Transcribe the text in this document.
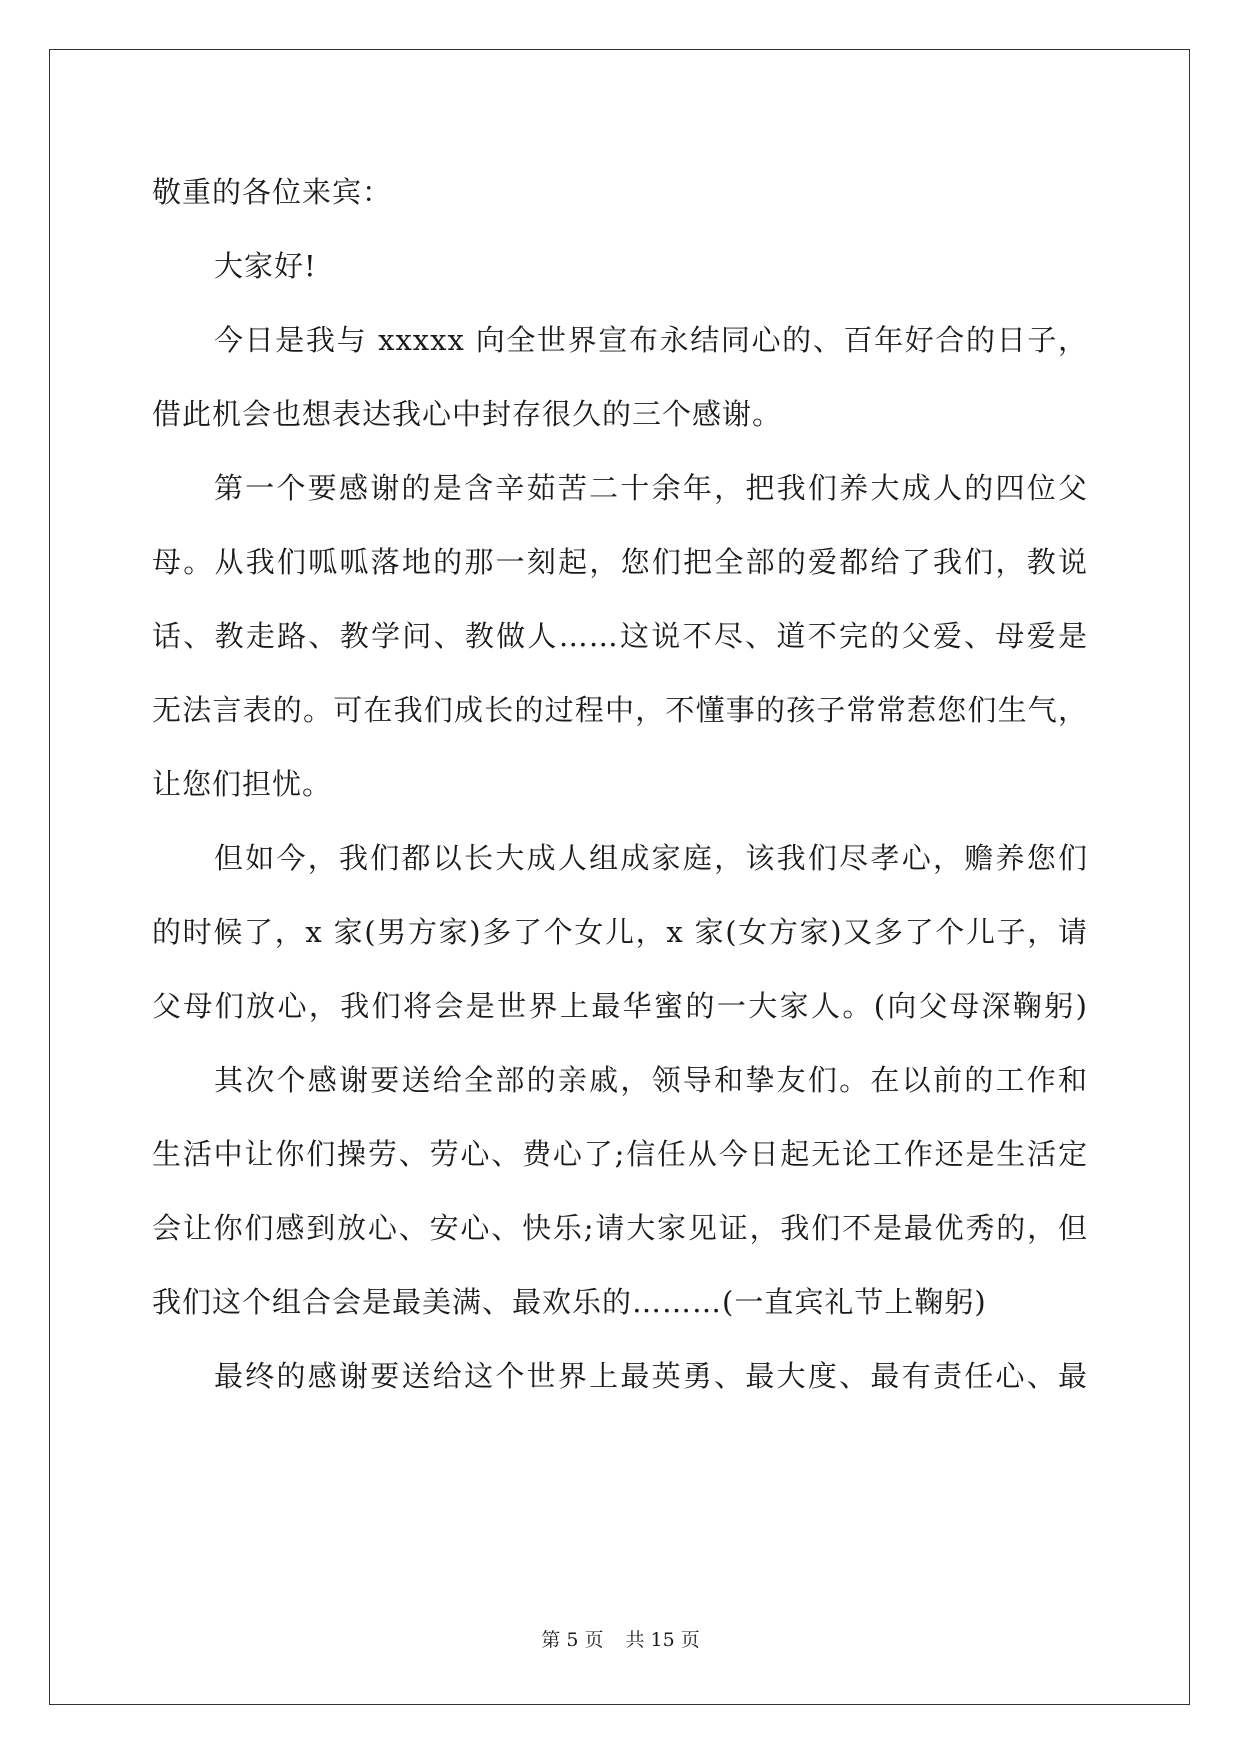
敬重的各位来宾：
大家好!
今日是我与 xxxxx 向全世界宣布永结同心的、百年好合的日子，
借此机会也想表达我心中封存很久的三个感谢。
第一个要感谢的是含辛茹苦二十余年，把我们养大成人的四位父
母。从我们呱呱落地的那一刻起，您们把全部的爱都给了我们，教说
话、教走路、教学问、教做人……这说不尽、道不完的父爱、母爱是
无法言表的。可在我们成长的过程中，不懂事的孩子常常惹您们生气，
让您们担忧。
但如今，我们都以长大成人组成家庭，该我们尽孝心，赡养您们
的时候了，x 家(男方家)多了个女儿，x 家(女方家)又多了个儿子，请
父母们放心，我们将会是世界上最华蜜的一大家人。(向父母深鞠躬)
其次个感谢要送给全部的亲戚，领导和挚友们。在以前的工作和
生活中让你们操劳、劳心、费心了;信任从今日起无论工作还是生活定
会让你们感到放心、安心、快乐;请大家见证，我们不是最优秀的，但
我们这个组合会是最美满、最欢乐的………(一直宾礼节上鞠躬)
最终的感谢要送给这个世界上最英勇、最大度、最有责任心、最
第 5 页 共 15 页
